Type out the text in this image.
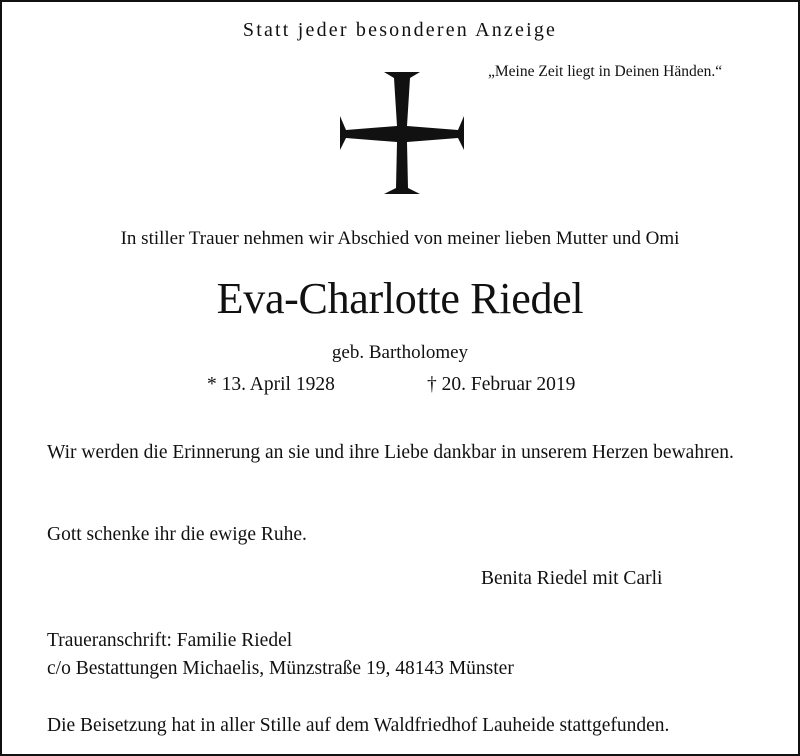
Statt jeder besonderen Anzeige
„Meine Zeit liegt in Deinen Händen.“
In stiller Trauer nehmen wir Abschied von meiner lieben Mutter und Omi
Eva-Charlotte Riedel
geb. Bartholomey
* 13. April 1928	† 20. Februar 2019
Wir werden die Erinnerung an sie und ihre Liebe dankbar in unserem Herzen bewahren.
Gott schenke ihr die ewige Ruhe.
Benita Riedel mit Carli
Traueranschrift: Familie Riedel
c/o Bestattungen Michaelis, Münzstraße 19, 48143 Münster
Die Beisetzung hat in aller Stille auf dem Waldfriedhof Lauheide stattgefunden.
